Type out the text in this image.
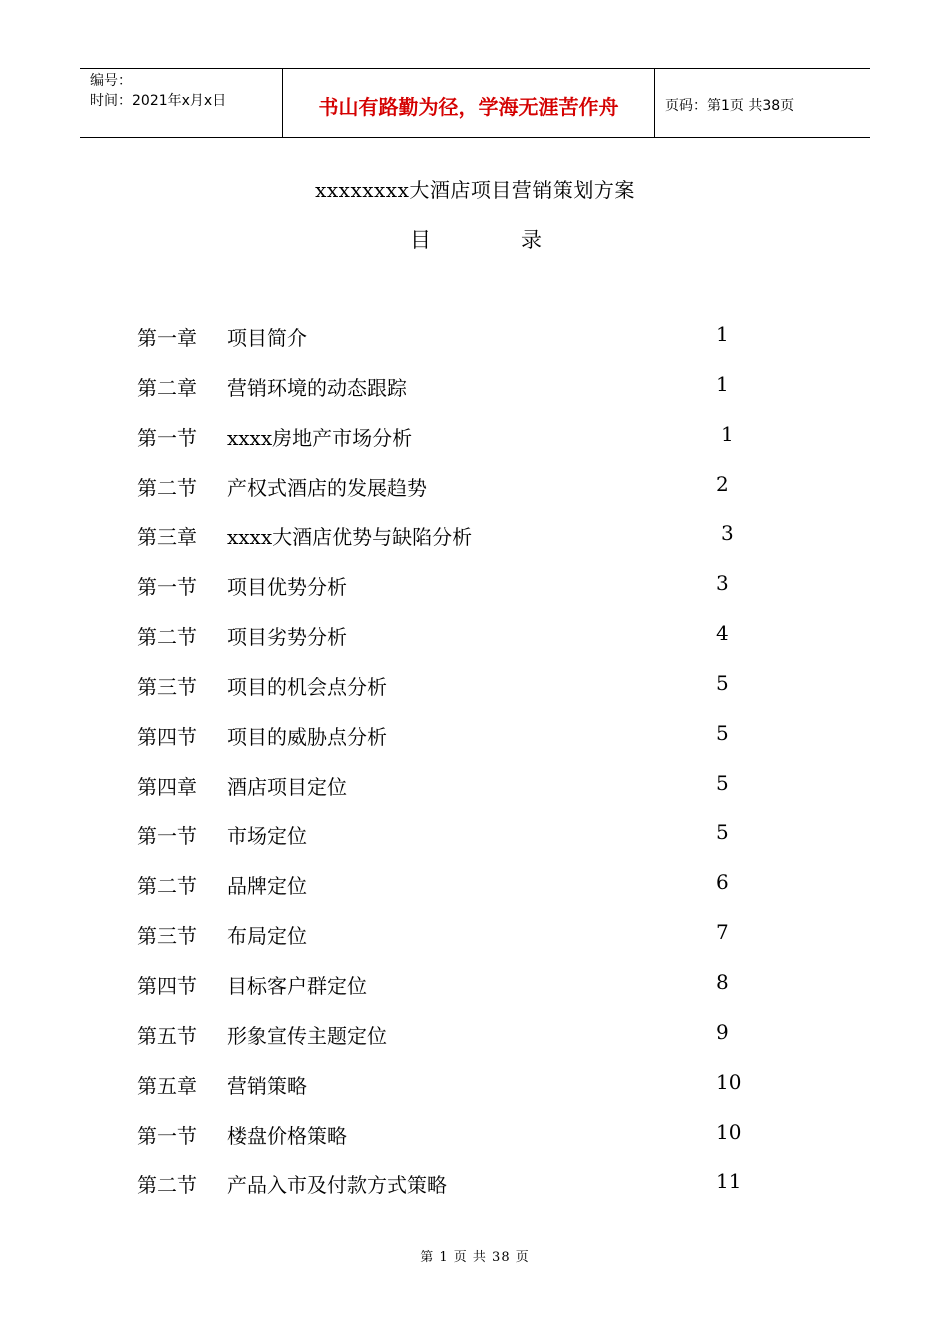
编号：
时间：2021年x月x日	书山有路勤为径，学海无涯苦作舟	页码：第1页 共38页
xxxxxxxx大酒店项目营销策划方案
目	录
第一章 项目简介	1
第二章 营销环境的动态跟踪	1
第一节 xxxx房地产市场分析	1
第二节 产权式酒店的发展趋势	2
第三章 xxxx大酒店优势与缺陷分析	3
第一节 项目优势分析	3
第二节 项目劣势分析	4
第三节 项目的机会点分析	5
第四节 项目的威胁点分析	5
第四章 酒店项目定位	5
第一节 市场定位	5
第二节 品牌定位	6
第三节 布局定位	7
第四节 目标客户群定位	8
第五节 形象宣传主题定位	9
第五章 营销策略	10
第一节 楼盘价格策略	10
第二节 产品入市及付款方式策略	11
第 1 页 共 38 页
